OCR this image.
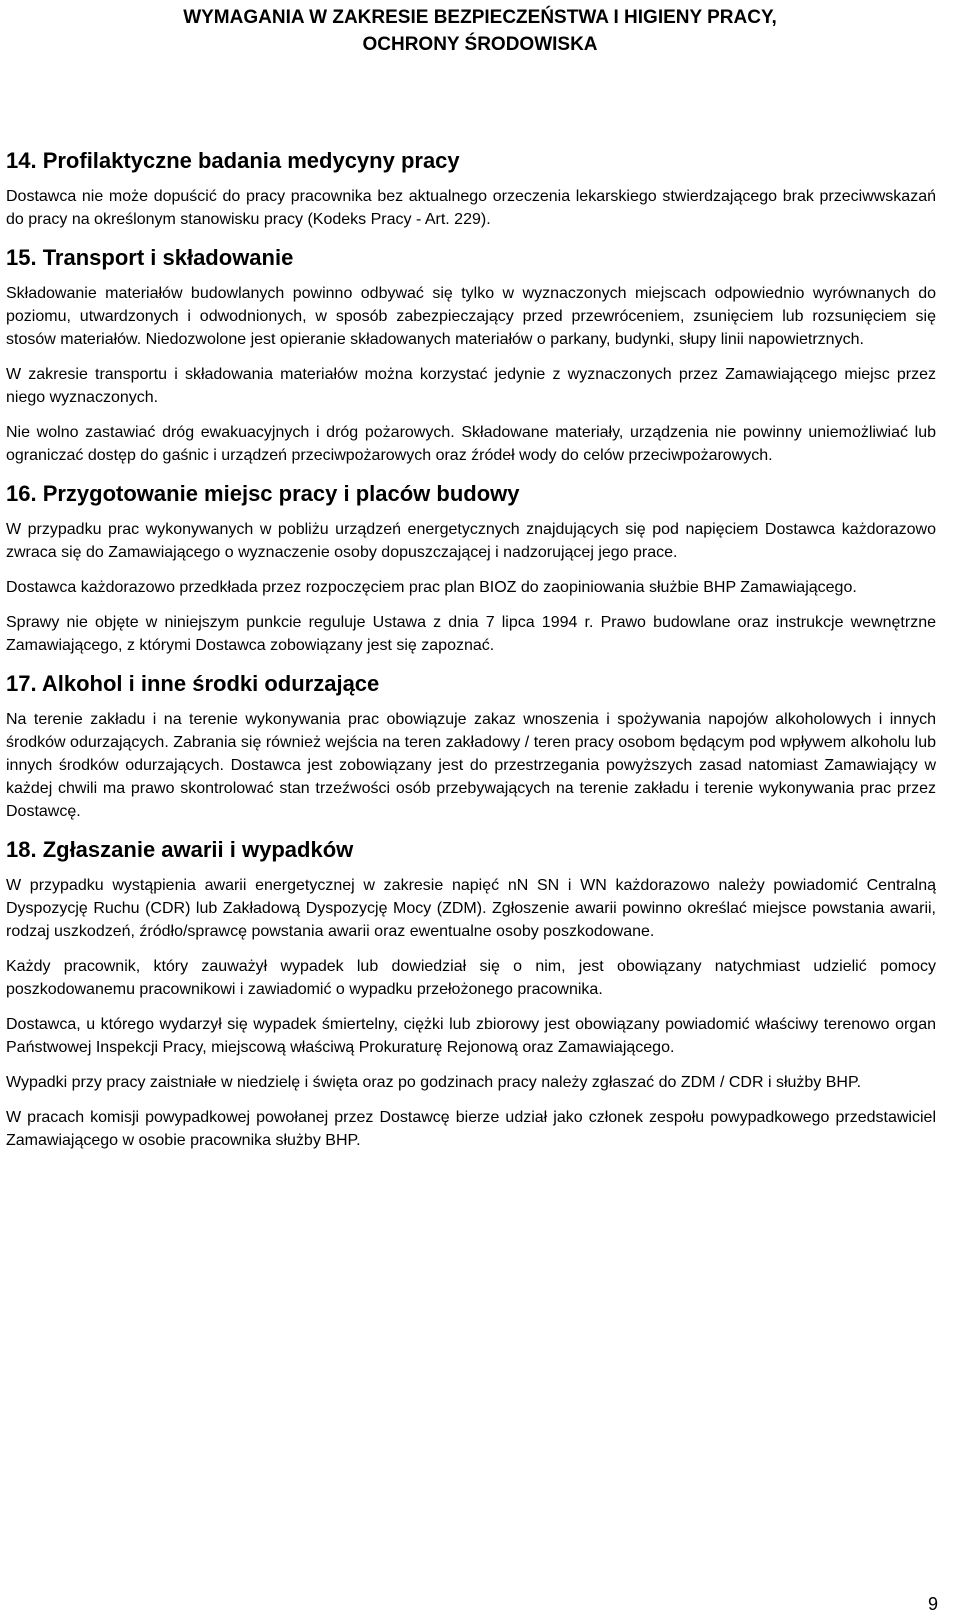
WYMAGANIA W ZAKRESIE BEZPIECZEŃSTWA I HIGIENY PRACY,
OCHRONY ŚRODOWISKA
14. Profilaktyczne badania medycyny pracy

Dostawca nie może dopuścić do pracy pracownika bez aktualnego orzeczenia lekarskiego stwierdzającego brak przeciwwskazań do pracy na określonym stanowisku pracy (Kodeks Pracy - Art. 229).

15. Transport i składowanie

Składowanie materiałów budowlanych powinno odbywać się tylko w wyznaczonych miejscach odpowiednio wyrównanych do poziomu, utwardzonych i odwodnionych, w sposób zabezpieczający przed przewróceniem, zsunięciem lub rozsunięciem się stosów materiałów. Niedozwolone jest opieranie składowanych materiałów o parkany, budynki, słupy linii napowietrznych.

W zakresie transportu i składowania materiałów można korzystać jedynie z wyznaczonych przez Zamawiającego miejsc przez niego wyznaczonych.

Nie wolno zastawiać dróg ewakuacyjnych i dróg pożarowych. Składowane materiały, urządzenia nie powinny uniemożliwiać lub ograniczać dostęp do gaśnic i urządzeń przeciwpożarowych oraz źródeł wody do celów przeciwpożarowych.

16. Przygotowanie miejsc pracy i placów budowy

W przypadku prac wykonywanych w pobliżu urządzeń energetycznych znajdujących się pod napięciem Dostawca każdorazowo zwraca się do Zamawiającego o wyznaczenie osoby dopuszczającej i nadzorującej jego prace.

Dostawca każdorazowo przedkłada przez rozpoczęciem prac plan BIOZ do zaopiniowania służbie BHP Zamawiającego.

Sprawy nie objęte w niniejszym punkcie reguluje Ustawa z dnia 7 lipca 1994 r. Prawo budowlane oraz instrukcje wewnętrzne Zamawiającego, z którymi Dostawca zobowiązany jest się zapoznać.

17. Alkohol i inne środki odurzające

Na terenie zakładu i na terenie wykonywania prac obowiązuje zakaz wnoszenia i spożywania napojów alkoholowych i innych środków odurzających. Zabrania się również wejścia na teren zakładowy / teren pracy osobom będącym pod wpływem alkoholu lub innych środków odurzających. Dostawca jest zobowiązany jest do przestrzegania powyższych zasad natomiast Zamawiający w każdej chwili ma prawo skontrolować stan trzeźwości osób przebywających na terenie zakładu i terenie wykonywania prac przez Dostawcę.

18. Zgłaszanie awarii i wypadków

W przypadku wystąpienia awarii energetycznej w zakresie napięć nN SN i WN każdorazowo należy powiadomić Centralną Dyspozycję Ruchu (CDR) lub Zakładową Dyspozycję Mocy (ZDM). Zgłoszenie awarii powinno określać miejsce powstania awarii, rodzaj uszkodzeń, źródło/sprawcę powstania awarii oraz ewentualne osoby poszkodowane.

Każdy pracownik, który zauważył wypadek lub dowiedział się o nim, jest obowiązany natychmiast udzielić pomocy poszkodowanemu pracownikowi i zawiadomić o wypadku przełożonego pracownika.

Dostawca, u którego wydarzył się wypadek śmiertelny, ciężki lub zbiorowy jest obowiązany powiadomić właściwy terenowo organ Państwowej Inspekcji Pracy, miejscową właściwą Prokuraturę Rejonową oraz Zamawiającego.

Wypadki przy pracy zaistniałe w niedzielę i święta oraz po godzinach pracy należy zgłaszać do ZDM / CDR i służby BHP.

W pracach komisji powypadkowej powołanej przez Dostawcę bierze udział jako członek zespołu powypadkowego przedstawiciel Zamawiającego w osobie pracownika służby BHP.

9
